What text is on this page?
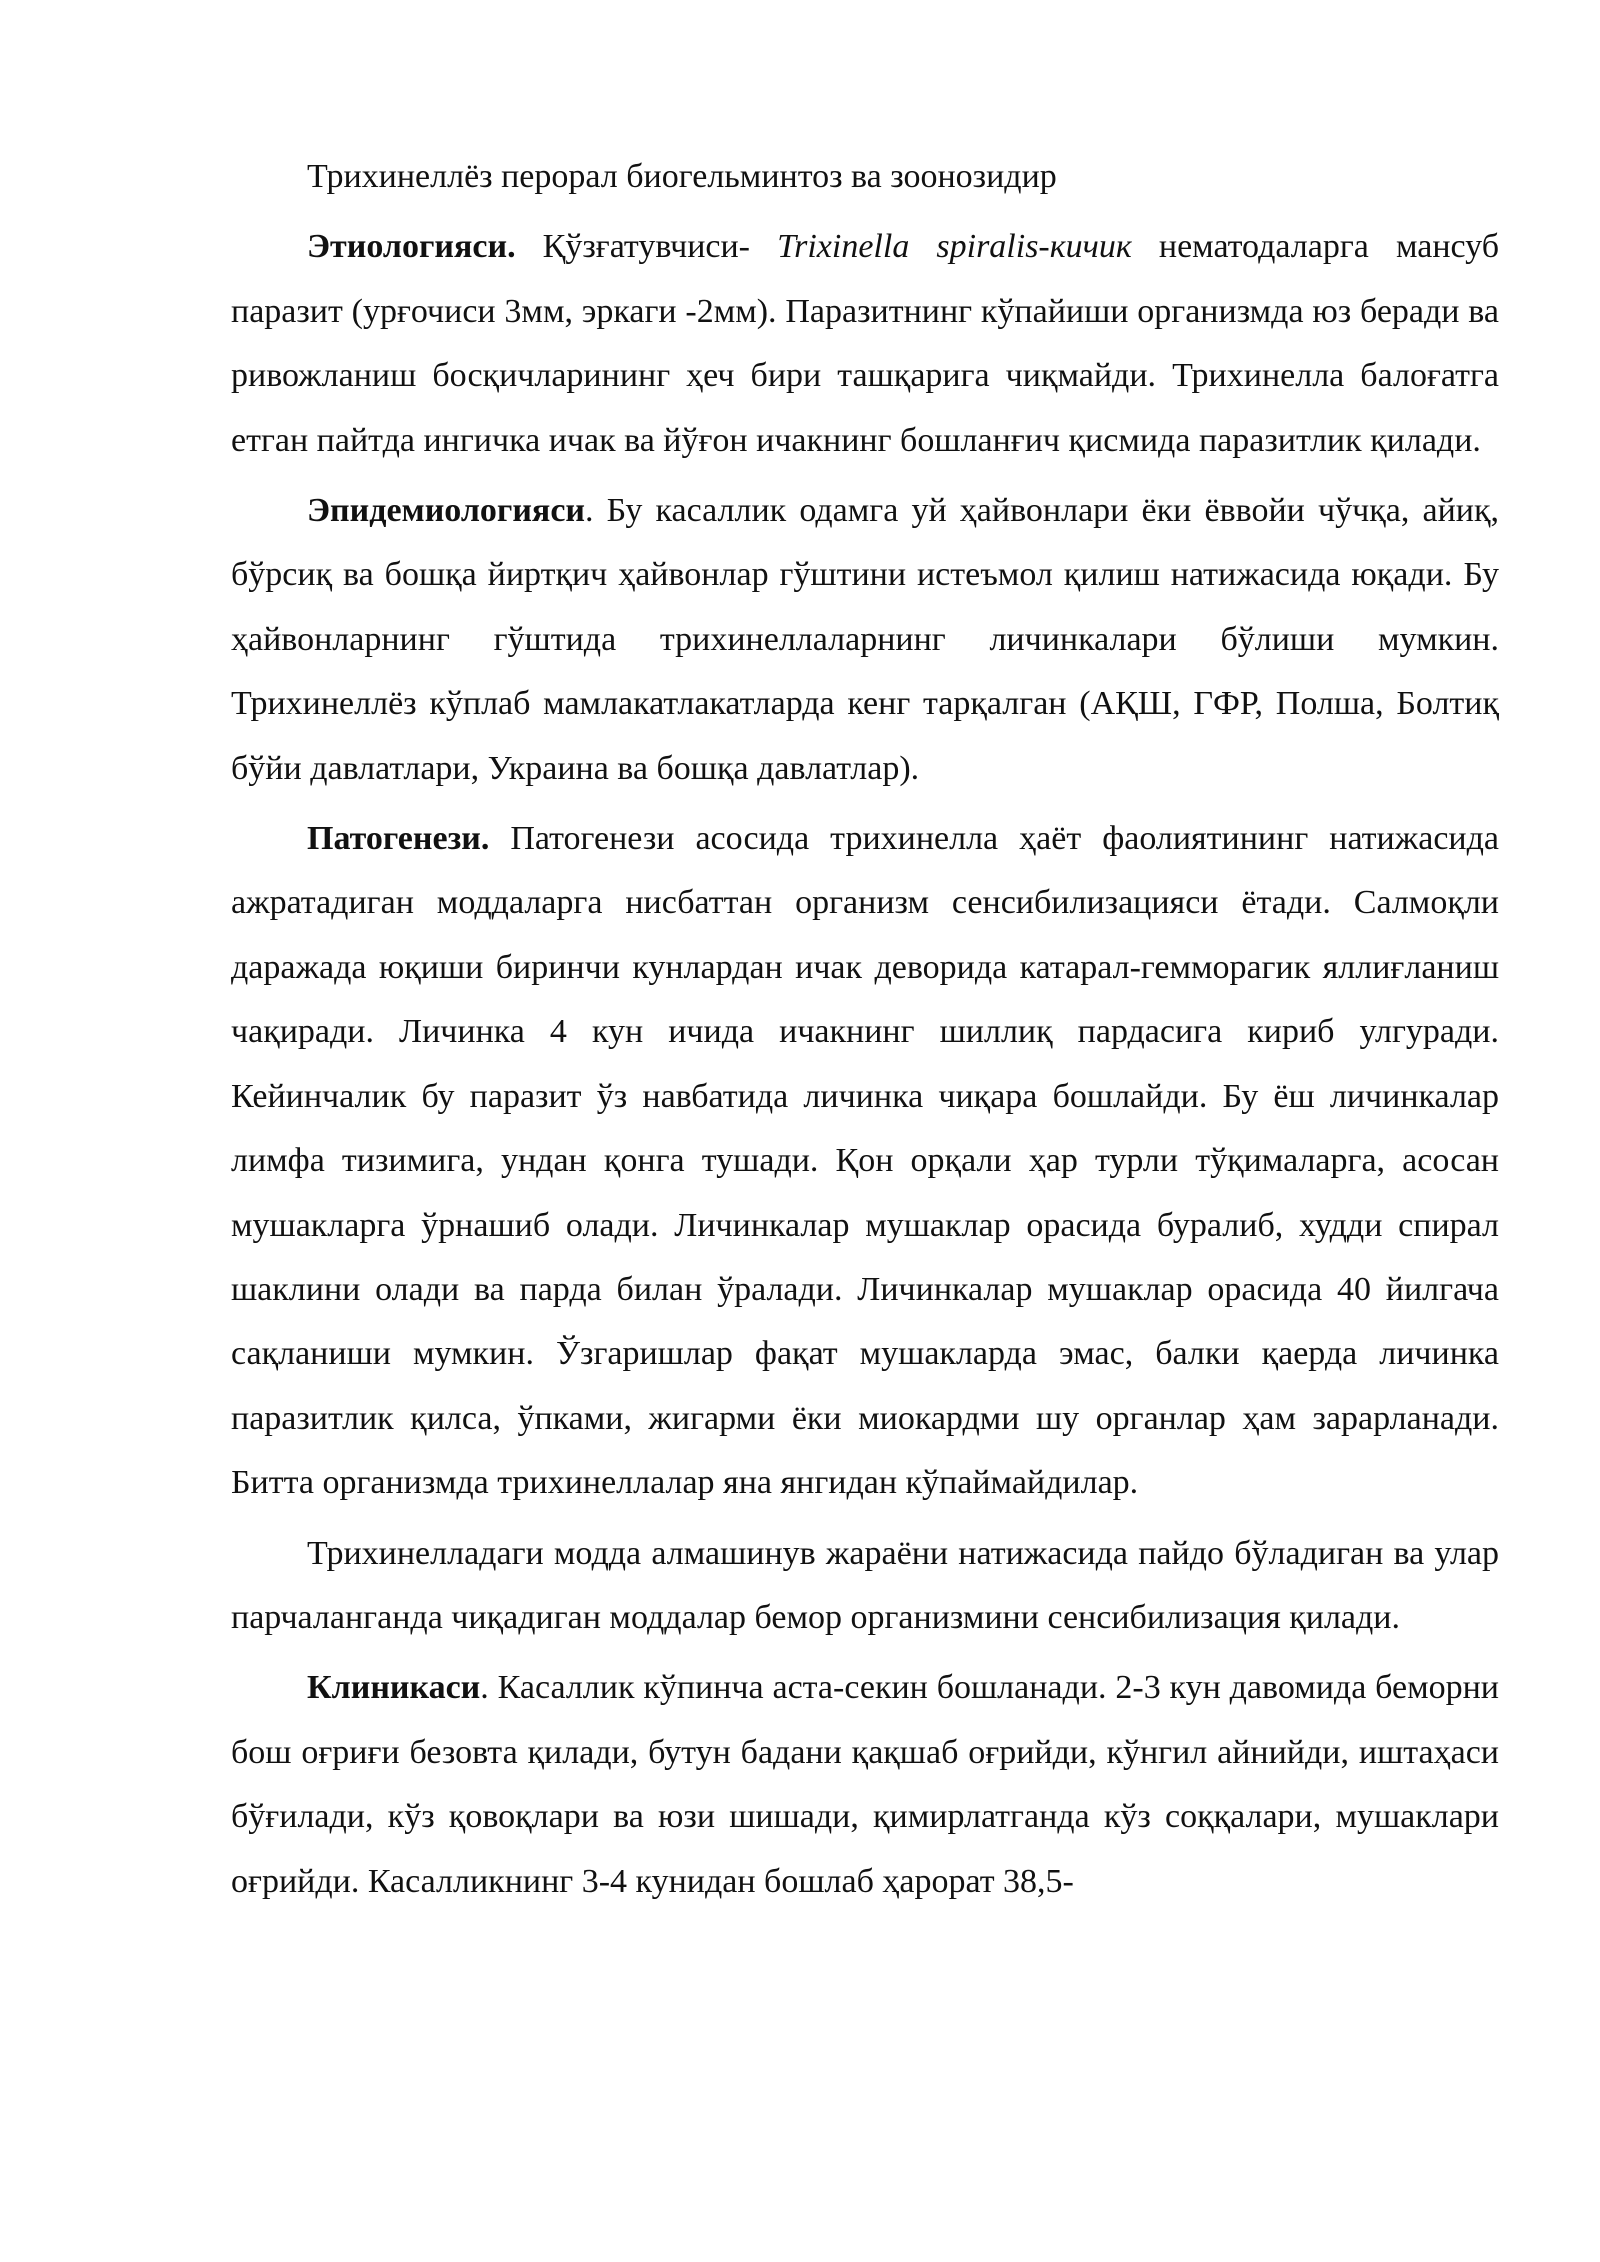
Трихинеллёз перорал биогельминтоз ва зоонозидир

Этиологияси. Қўзғатувчиси- Trixinella spiralis-кичик нематодаларга мансуб паразит (урғочиси 3мм, эркаги -2мм). Паразитнинг кўпайиши организмда юз беради ва ривожланиш босқичларининг ҳеч бири ташқарига чиқмайди. Трихинелла балоғатга етган пайтда ингичка ичак ва йўғон ичакнинг бошланғич қисмида паразитлик қилади.

Эпидемиологияси. Бу касаллик одамга уй ҳайвонлари ёки ёввойи чўчқа, айиқ, бўрсиқ ва бошқа йиртқич ҳайвонлар гўштини истеъмол қилиш натижасида юқади. Бу ҳайвонларнинг гўштида трихинеллаларнинг личинкалари бўлиши мумкин. Трихинеллёз кўплаб мамлакатлакатларда кенг тарқалган (АҚШ, ГФР, Полша, Болтиқ бўйи давлатлари, Украина ва бошқа давлатлар).

Патогенези. Патогенези асосида трихинелла ҳаёт фаолиятининг натижасида ажратадиган моддаларга нисбаттан организм сенсибилизацияси ётади. Салмоқли даражада юқиши биринчи кунлардан ичак деворида катарал-гемморагик яллиғланиш чақиради. Личинка 4 кун ичида ичакнинг шиллиқ пардасига кириб улгуради. Кейинчалик бу паразит ўз навбатида личинка чиқара бошлайди. Бу ёш личинкалар лимфа тизимига, ундан қонга тушади. Қон орқали ҳар турли тўқималарга, асосан мушакларга ўрнашиб олади. Личинкалар мушаклар орасида буралиб, худди спирал шаклини олади ва парда билан ўралади. Личинкалар мушаклар орасида 40 йилгача сақланиши мумкин. Ўзгаришлар фақат мушакларда эмас, балки қаерда личинка паразитлик қилса, ўпками, жигарми ёки миокардми шу органлар ҳам зарарланади. Битта организмда трихинеллалар яна янгидан кўпаймайдилар.

Трихинелладаги модда алмашинув жараёни натижасида пайдо бўладиган ва улар парчаланганда чиқадиган моддалар бемор организмини сенсибилизация қилади.

Клиникаси. Касаллик кўпинча аста-секин бошланади. 2-3 кун давомида беморни бош оғриғи безовта қилади, бутун бадани қақшаб оғрийди, кўнгил айнийди, иштаҳаси бўғилади, кўз қовоқлари ва юзи шишади, қимирлатганда кўз соққалари, мушаклари оғрийди. Касалликнинг 3-4 кунидан бошлаб ҳарорат 38,5-
